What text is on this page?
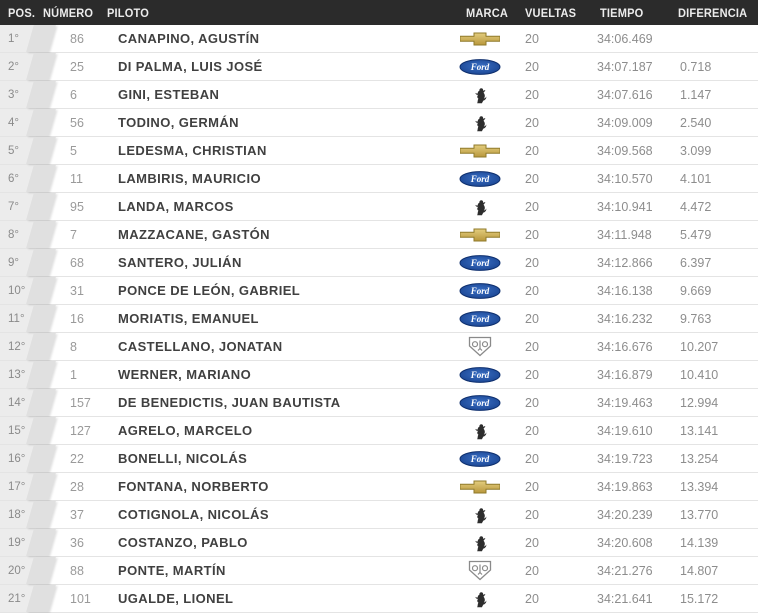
POS. NÚMERO PILOTO	MARCA VUELTAS TIEMPO	DIFERENCIA
1°	86	CANAPINO, AGUSTÍN	20	34:06.469
2°	25	DI PALMA, LUIS JOSÉ	Ford	20	34:07.187	0.718
3°	6	GINI, ESTEBAN	20	34:07.616	1.147
4°	56	TODINO, GERMÁN	20	34:09.009	2.540
5°	5	LEDESMA, CHRISTIAN	20	34:09.568	3.099
6°	11	LAMBIRIS, MAURICIO	Ford	20	34:10.570	4.101
7°	95	LANDA, MARCOS	20	34:10.941	4.472
8°	7	MAZZACANE, GASTÓN	20	34:11.948	5.479
9°	68	SANTERO, JULIÁN	Ford	20	34:12.866	6.397
10°	31	PONCE DE LEÓN, GABRIEL	Ford	20	34:16.138	9.669
11°	16	MORIATIS, EMANUEL	Ford	20	34:16.232	9.763
12°	8	CASTELLANO, JONATAN	20	34:16.676	10.207
13°	1	WERNER, MARIANO	Ford	20	34:16.879	10.410
14°	157	DE BENEDICTIS, JUAN BAUTISTA	Ford	20	34:19.463	12.994
15°	127	AGRELO, MARCELO	20	34:19.610	13.141
16°	22	BONELLI, NICOLÁS	Ford	20	34:19.723	13.254
17°	28	FONTANA, NORBERTO	20	34:19.863	13.394
18°	37	COTIGNOLA, NICOLÁS	20	34:20.239	13.770
19°	36	COSTANZO, PABLO	20	34:20.608	14.139
20°	88	PONTE, MARTÍN	20	34:21.276	14.807
21°	101	UGALDE, LIONEL	20	34:21.641	15.172
